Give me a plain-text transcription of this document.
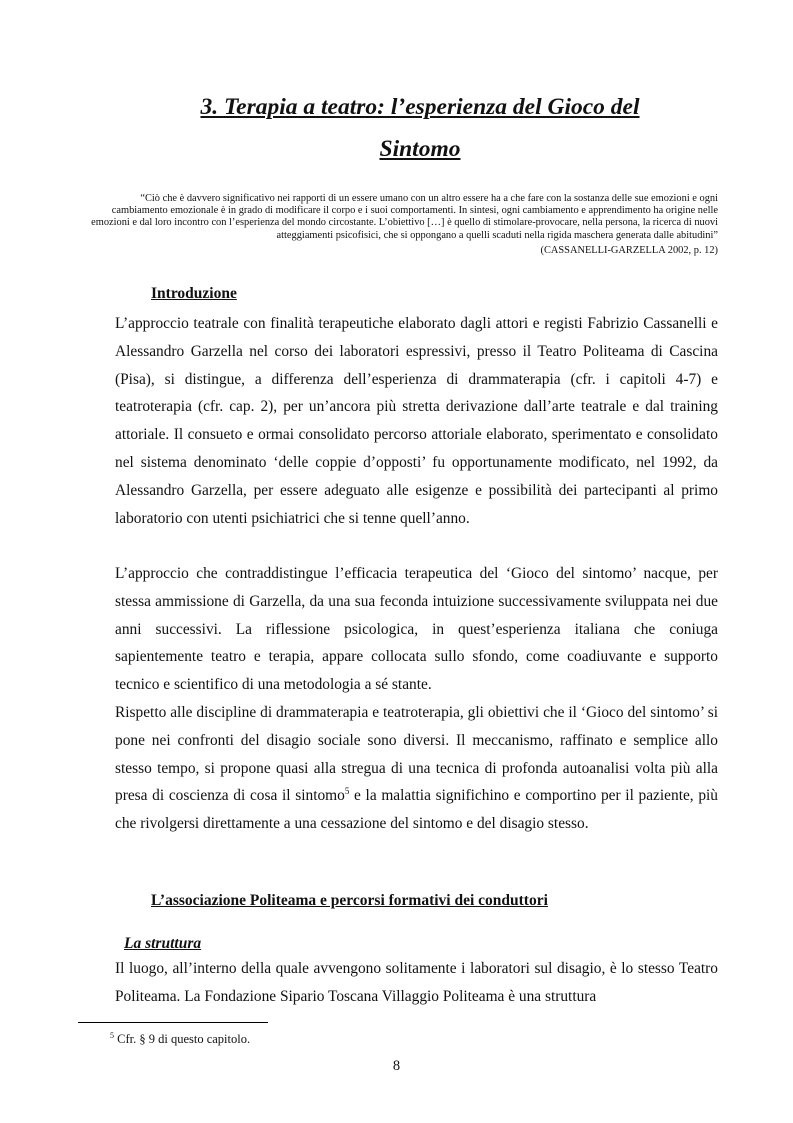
3. Terapia a teatro: l’esperienza del Gioco del
Sintomo
“Ciò che è davvero significativo nei rapporti di un essere umano con un altro essere ha a che fare con la sostanza delle sue emozioni e ogni cambiamento emozionale è in grado di modificare il corpo e i suoi comportamenti. In sintesi, ogni cambiamento e apprendimento ha origine nelle emozioni e dal loro incontro con l’esperienza del mondo circostante. L’obiettivo […] è quello di stimolare-provocare, nella persona, la ricerca di nuovi atteggiamenti psicofisici, che si oppongano a quelli scaduti nella rigida maschera generata dalle abitudini”
(CASSANELLI-GARZELLA 2002, p. 12)
Introduzione
L’approccio teatrale con finalità terapeutiche elaborato dagli attori e registi Fabrizio Cassanelli e Alessandro Garzella nel corso dei laboratori espressivi, presso il Teatro Politeama di Cascina (Pisa), si distingue, a differenza dell’esperienza di drammaterapia (cfr. i capitoli 4-7) e teatroterapia (cfr. cap. 2), per un’ancora più stretta derivazione dall’arte teatrale e dal training attoriale. Il consueto e ormai consolidato percorso attoriale elaborato, sperimentato e consolidato nel sistema denominato ‘delle coppie d’opposti’ fu opportunamente modificato, nel 1992, da Alessandro Garzella, per essere adeguato alle esigenze e possibilità dei partecipanti al primo laboratorio con utenti psichiatrici che si tenne quell’anno.
L’approccio che contraddistingue l’efficacia terapeutica del ‘Gioco del sintomo’ nacque, per stessa ammissione di Garzella, da una sua feconda intuizione successivamente sviluppata nei due anni successivi. La riflessione psicologica, in quest’esperienza italiana che coniuga sapientemente teatro e terapia, appare collocata sullo sfondo, come coadiuvante e supporto tecnico e scientifico di una metodologia a sé stante.
Rispetto alle discipline di drammaterapia e teatroterapia, gli obiettivi che il ‘Gioco del sintomo’ si pone nei confronti del disagio sociale sono diversi. Il meccanismo, raffinato e semplice allo stesso tempo, si propone quasi alla stregua di una tecnica di profonda autoanalisi volta più alla presa di coscienza di cosa il sintomo$^5$ e la malattia significhino e comportino per il paziente, più che rivolgersi direttamente a una cessazione del sintomo e del disagio stesso.
L’associazione Politeama e percorsi formativi dei conduttori
La struttura
Il luogo, all’interno della quale avvengono solitamente i laboratori sul disagio, è lo stesso Teatro Politeama. La Fondazione Sipario Toscana Villaggio Politeama è una struttura
$^5$ Cfr. § 9 di questo capitolo.
8
